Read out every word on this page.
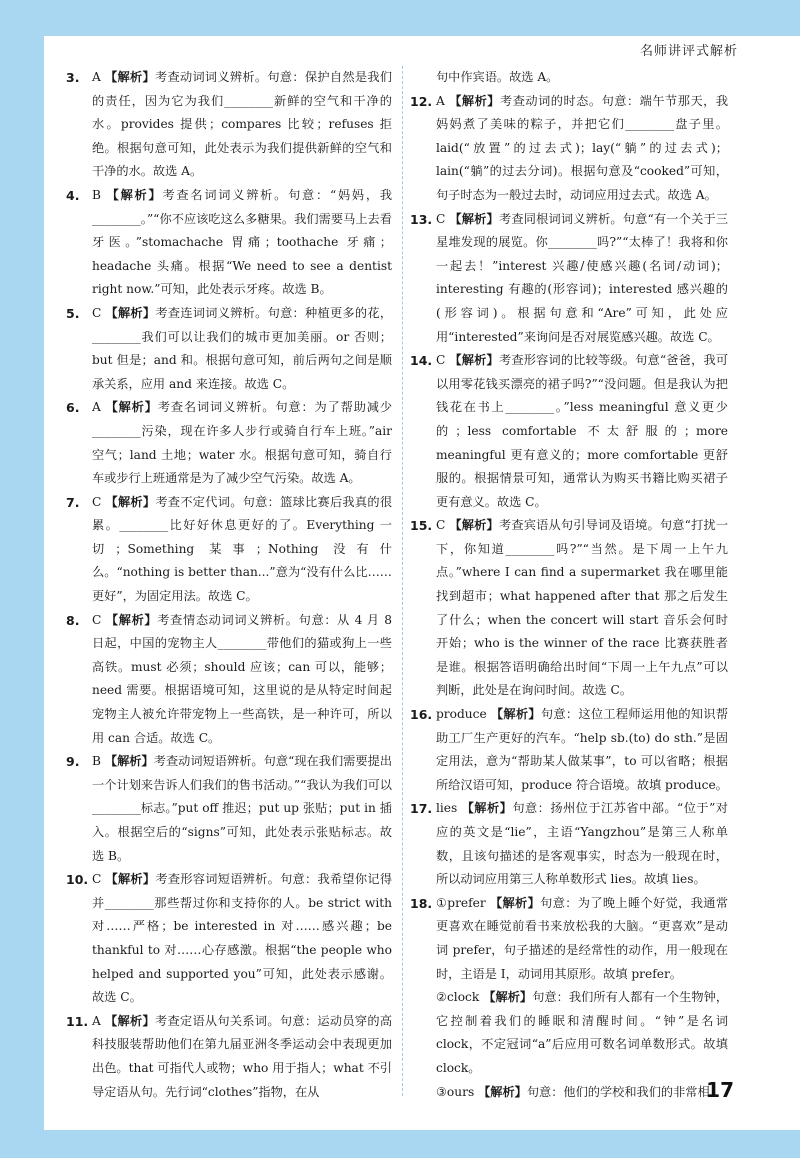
名师讲评式解析
3. A 【解析】考查动词词义辨析。句意：保护自然是我们的责任，因为它为我们________新鲜的空气和干净的水。provides 提供；compares 比较；refuses 拒绝。根据句意可知，此处表示为我们提供新鲜的空气和干净的水。故选 A。
4. B 【解析】考查名词词义辨析。句意：“妈妈，我________。”“你不应该吃这么多糖果。我们需要马上去看牙医。”stomachache 胃痛；toothache 牙痛；headache 头痛。根据“We need to see a dentist right now.”可知，此处表示牙疼。故选 B。
5. C 【解析】考查连词词义辨析。句意：种植更多的花，________我们可以让我们的城市更加美丽。or 否则；but 但是；and 和。根据句意可知，前后两句之间是顺承关系，应用 and 来连接。故选 C。
6. A 【解析】考查名词词义辨析。句意：为了帮助减少________污染，现在许多人步行或骑自行车上班。”air 空气；land 土地；water 水。根据句意可知，骑自行车或步行上班通常是为了减少空气污染。故选 A。
7. C 【解析】考查不定代词。句意：篮球比赛后我真的很累。________比好好休息更好的了。Everything 一切；Something 某事；Nothing 没有什么。“nothing is better than...”意为“没有什么比……更好”，为固定用法。故选 C。
8. C 【解析】考查情态动词词义辨析。句意：从 4 月 8 日起，中国的宠物主人________带他们的猫或狗上一些高铁。must 必须；should 应该；can 可以，能够；need 需要。根据语境可知，这里说的是从特定时间起宠物主人被允许带宠物上一些高铁，是一种许可，所以用 can 合适。故选 C。
9. B 【解析】考查动词短语辨析。句意“现在我们需要提出一个计划来告诉人们我们的售书活动。”“我认为我们可以________标志。”put off 推迟；put up 张贴；put in 插入。根据空后的“signs”可知，此处表示张贴标志。故选 B。
10. C 【解析】考查形容词短语辨析。句意：我希望你记得并________那些帮过你和支持你的人。be strict with 对……严格；be interested in 对……感兴趣；be thankful to 对……心存感激。根据“the people who helped and supported you”可知，此处表示感谢。故选 C。
11. A 【解析】考查定语从句关系词。句意：运动员穿的高科技服装帮助他们在第九届亚洲冬季运动会中表现更加出色。that 可指代人或物；who 用于指人；what 不引导定语从句。先行词“clothes”指物，在从
句中作宾语。故选 A。
12. A 【解析】考查动词的时态。句意：端午节那天，我妈妈煮了美味的粽子，并把它们________盘子里。laid(“放置”的过去式)；lay(“躺”的过去式)；lain(“躺”的过去分词)。根据句意及“cooked”可知，句子时态为一般过去时，动词应用过去式。故选 A。
13. C 【解析】考查同根词词义辨析。句意“有一个关于三星堆发现的展览。你________吗?”“太棒了！我将和你一起去！”interest 兴趣/使感兴趣(名词/动词)；interesting 有趣的(形容词)；interested 感兴趣的(形容词)。根据句意和“Are”可知，此处应用“interested”来询问是否对展览感兴趣。故选 C。
14. C 【解析】考查形容词的比较等级。句意“爸爸，我可以用零花钱买漂亮的裙子吗?”“没问题。但是我认为把钱花在书上________。”less meaningful 意义更少的；less comfortable 不太舒服的；more meaningful 更有意义的；more comfortable 更舒服的。根据情景可知，通常认为购买书籍比购买裙子更有意义。故选 C。
15. C 【解析】考查宾语从句引导词及语境。句意“打扰一下，你知道________吗?”“当然。是下周一上午九点。”where I can find a supermarket 我在哪里能找到超市；what happened after that 那之后发生了什么；when the concert will start 音乐会何时开始；who is the winner of the race 比赛获胜者是谁。根据答语明确给出时间“下周一上午九点”可以判断，此处是在询问时间。故选 C。
16. produce 【解析】句意：这位工程师运用他的知识帮助工厂生产更好的汽车。“help sb.(to) do sth.”是固定用法，意为“帮助某人做某事”，to 可以省略；根据所给汉语可知，produce 符合语境。故填 produce。
17. lies 【解析】句意：扬州位于江苏省中部。“位于”对应的英文是“lie”，主语“Yangzhou”是第三人称单数，且该句描述的是客观事实，时态为一般现在时，所以动词应用第三人称单数形式 lies。故填 lies。
18. ①prefer 【解析】句意：为了晚上睡个好觉，我通常更喜欢在睡觉前看书来放松我的大脑。“更喜欢”是动词 prefer，句子描述的是经常性的动作，用一般现在时，主语是 I，动词用其原形。故填 prefer。
②clock 【解析】句意：我们所有人都有一个生物钟，它控制着我们的睡眠和清醒时间。“钟”是名词 clock，不定冠词“a”后应用可数名词单数形式。故填 clock。
③ours 【解析】句意：他们的学校和我们的非常相
17
